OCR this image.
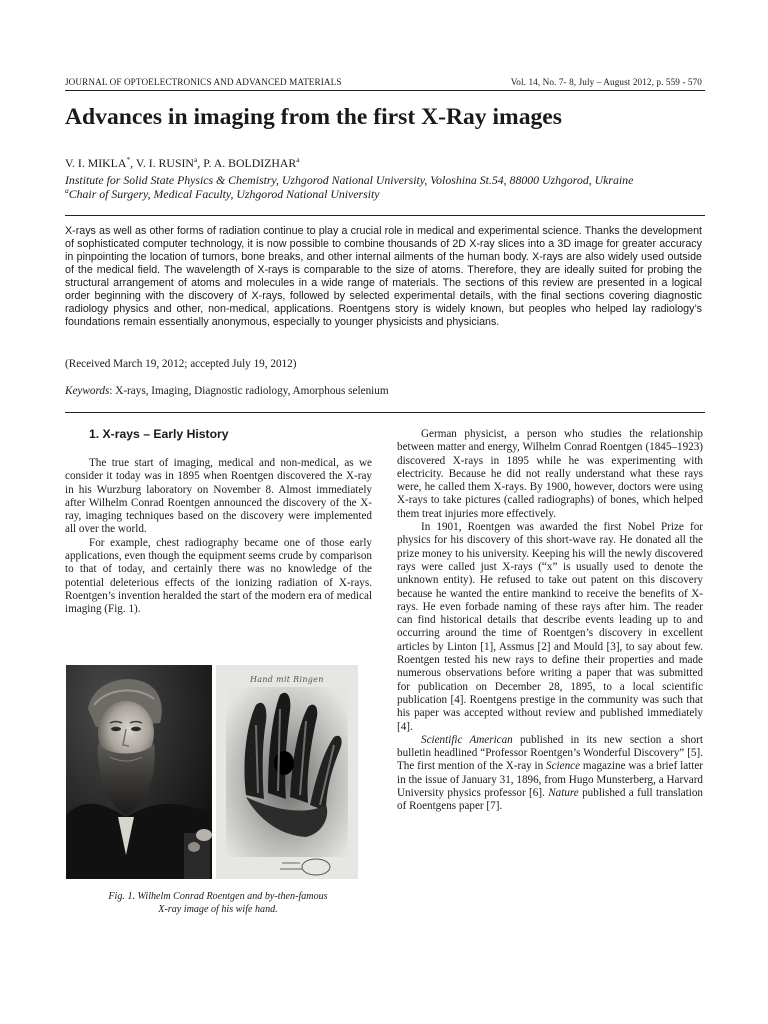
JOURNAL OF OPTOELECTRONICS AND ADVANCED MATERIALS	Vol. 14, No. 7- 8, July – August 2012, p. 559 - 570
Advances in imaging from the first X-Ray images
V. I. MIKLA*, V. I. RUSIN$^a$, P. A. BOLDIZHAR$^a$
Institute for Solid State Physics & Chemistry, Uzhgorod National University, Voloshina St.54, 88000 Uzhgorod, Ukraine
$^a$Chair of Surgery, Medical Faculty, Uzhgorod National University

X-rays as well as other forms of radiation continue to play a crucial role in medical and experimental science. Thanks the development of sophisticated computer technology, it is now possible to combine thousands of 2D X-ray slices into a 3D image for greater accuracy in pinpointing the location of tumors, bone breaks, and other internal ailments of the human body. X-rays are also widely used outside of the medical field. The wavelength of X-rays is comparable to the size of atoms. Therefore, they are ideally suited for probing the structural arrangement of atoms and molecules in a wide range of materials. The sections of this review are presented in a logical order beginning with the discovery of X-rays, followed by selected experimental details, with the final sections covering diagnostic radiology physics and other, non-medical, applications. Roentgens story is widely known, but peoples who helped lay radiology’s foundations remain essentially anonymous, especially to younger physicists and physicians.

(Received March 19, 2012; accepted July 19, 2012)
Keywords: X-rays, Imaging, Diagnostic radiology, Amorphous selenium
1. X-rays – Early History

The true start of imaging, medical and non-medical, as we consider it today was in 1895 when Roentgen discovered the X-ray in his Wurzburg laboratory on November 8. Almost immediately after Wilhelm Conrad Roentgen announced the discovery of the X-ray, imaging techniques based on the discovery were implemented all over the world.

For example, chest radiography became one of those early applications, even though the equipment seems crude by comparison to that of today, and certainly there was no knowledge of the potential deleterious effects of the ionizing radiation of X-rays. Roentgen’s invention heralded the start of the modern era of medical imaging (Fig. 1).

Hand mit Ringen
Fig. 1. Wilhelm Conrad Roentgen and by-then-famous
X-ray image of his wife hand.

German physicist, a person who studies the relationship between matter and energy, Wilhelm Conrad Roentgen (1845–1923) discovered X-rays in 1895 while he was experimenting with electricity. Because he did not really understand what these rays were, he called them X-rays. By 1900, however, doctors were using X-rays to take pictures (called radiographs) of bones, which helped them treat injuries more effectively.

In 1901, Roentgen was awarded the first Nobel Prize for physics for his discovery of this short-wave ray. He donated all the prize money to his university. Keeping his will the newly discovered rays were called just X-rays (“x” is usually used to denote the unknown entity). He refused to take out patent on this discovery because he wanted the entire mankind to receive the benefits of X-rays. He even forbade naming of these rays after him. The reader can find historical details that describe events leading up to and occurring around the time of Roentgen’s discovery in excellent articles by Linton [1], Assmus [2] and Mould [3], to say about few. Roentgen tested his new rays to define their properties and made numerous observations before writing a paper that was submitted for publication on December 28, 1895, to a local scientific publication [4]. Roentgens prestige in the community was such that his paper was accepted without review and published immediately [4].

Scientific American published in its new section a short bulletin headlined “Professor Roentgen’s Wonderful Discovery” [5]. The first mention of the X-ray in Science magazine was a brief latter in the issue of January 31, 1896, from Hugo Munsterberg, a Harvard University physics professor [6]. Nature published a full translation of Roentgens paper [7].
